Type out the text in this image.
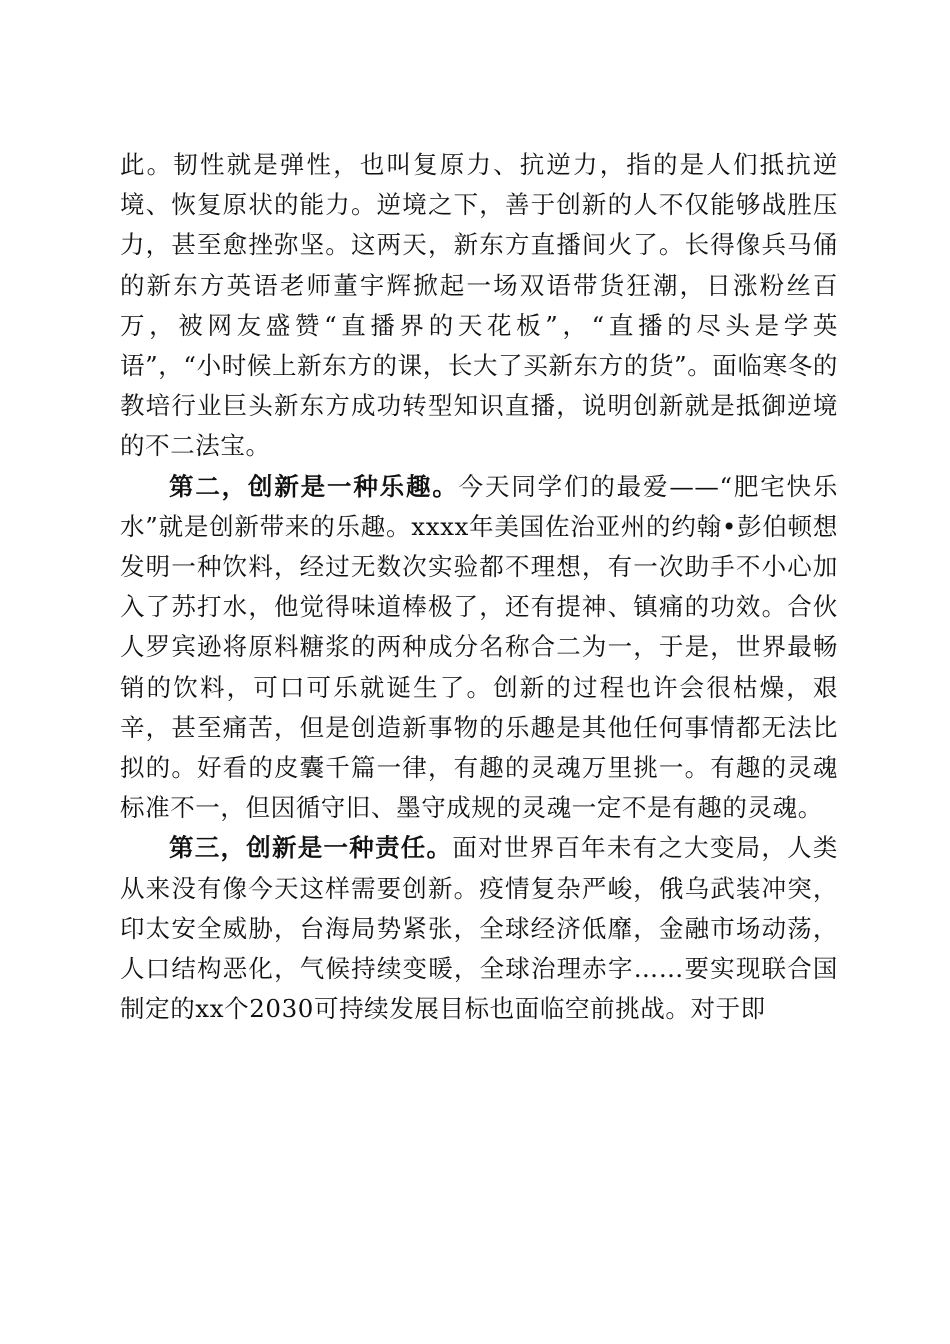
此。韧性就是弹性，也叫复原力、抗逆力，指的是人们抵抗逆境、恢复原状的能力。逆境之下，善于创新的人不仅能够战胜压力，甚至愈挫弥坚。这两天，新东方直播间火了。长得像兵马俑的新东方英语老师董宇辉掀起一场双语带货狂潮，日涨粉丝百万，被网友盛赞“直播界的天花板”，“直播的尽头是学英语”，“小时候上新东方的课，长大了买新东方的货”。面临寒冬的教培行业巨头新东方成功转型知识直播，说明创新就是抵御逆境的不二法宝。

第二，创新是一种乐趣。今天同学们的最爱——“肥宅快乐水”就是创新带来的乐趣。xxxx年美国佐治亚州的约翰•彭伯顿想发明一种饮料，经过无数次实验都不理想，有一次助手不小心加入了苏打水，他觉得味道棒极了，还有提神、镇痛的功效。合伙人罗宾逊将原料糖浆的两种成分名称合二为一，于是，世界最畅销的饮料，可口可乐就诞生了。创新的过程也许会很枯燥，艰辛，甚至痛苦，但是创造新事物的乐趣是其他任何事情都无法比拟的。好看的皮囊千篇一律，有趣的灵魂万里挑一。有趣的灵魂标准不一，但因循守旧、墨守成规的灵魂一定不是有趣的灵魂。

第三，创新是一种责任。面对世界百年未有之大变局，人类从来没有像今天这样需要创新。疫情复杂严峻，俄乌武装冲突，印太安全威胁，台海局势紧张，全球经济低靡，金融市场动荡，人口结构恶化，气候持续变暖，全球治理赤字……要实现联合国制定的xx个2030可持续发展目标也面临空前挑战。对于即
